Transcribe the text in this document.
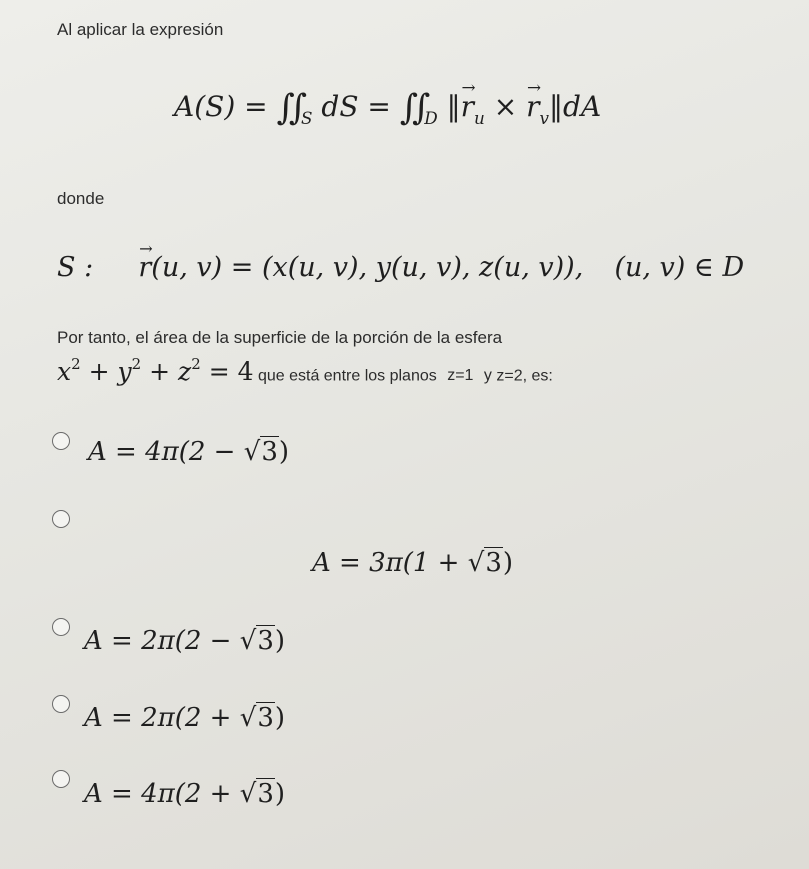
Al aplicar la expresión
$A(S) = \int\int_S$ dS = $\int\int_D$ ‖→ $r_u$ × → $r_v‖dA$
donde
S : → r(u, v) = (x(u, v), y(u, v), z(u, v)), (u, v) ∈ D
Por tanto, el área de la superficie de la porción de la esfera
$x^2 + y^2 + z^2 = 4$ que está entre los planos z=1 y z=2, es:
A = 4π(2 − √3)
A = 3π(1 + √3)
A = 2π(2 − √3)
A = 2π(2 + √3)
A = 4π(2 + √3)
